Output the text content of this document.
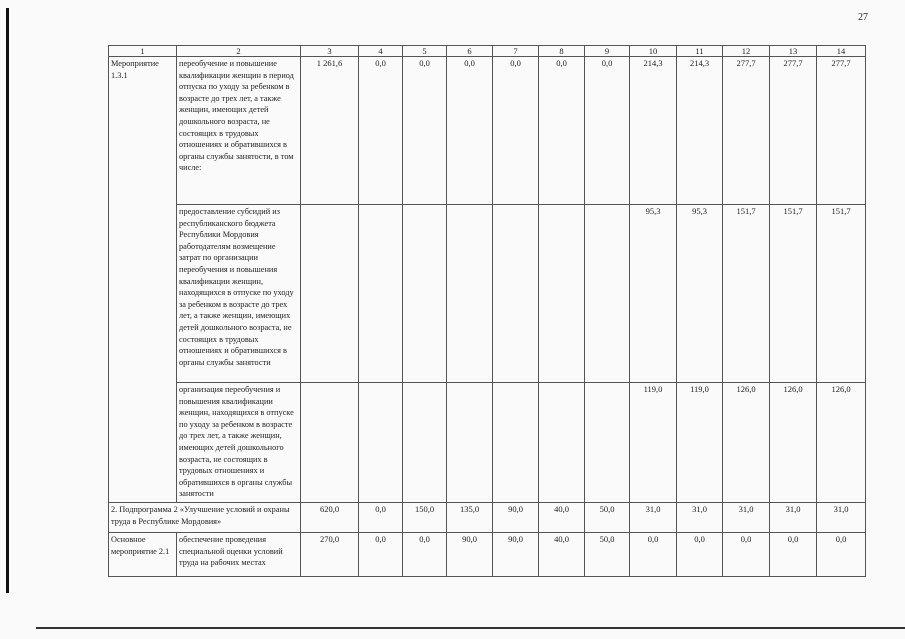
27
1	2	3	4	5	6	7	8	9	10	11	12	13	14
Мероприятие 1.3.1	переобучение и повышение квалификации женщин в период отпуска по уходу за ребенком в возрасте до трех лет, а также женщин, имеющих детей дошкольного возраста, не состоящих в трудовых отношениях и обратившихся в органы службы занятости, в том числе:	1 261,6	0,0	0,0	0,0	0,0	0,0	0,0	214,3	214,3	277,7	277,7	277,7
	предоставление субсидий из республиканского бюджета Республики Мордовия работодателям возмещение затрат по организации переобучения и повышения квалификации женщин, находящихся в отпуске по уходу за ребенком в возрасте до трех лет, а также женщин, имеющих детей дошкольного возраста, не состоящих в трудовых отношениях и обратившихся в органы службы занятости								95,3	95,3	151,7	151,7	151,7
	организация переобучения и повышения квалификации женщин, находящихся в отпуске по уходу за ребенком в возрасте до трех лет, а также женщин, имеющих детей дошкольного возраста, не состоящих в трудовых отношениях и обратившихся в органы службы занятости								119,0	119,0	126,0	126,0	126,0
2. Подпрограмма 2 «Улучшение условий и охраны труда в Республике Мордовия»		620,0	0,0	150,0	135,0	90,0	40,0	50,0	31,0	31,0	31,0	31,0	31,0
Основное мероприятие 2.1	обеспечение проведения специальной оценки условий труда на рабочих местах	270,0	0,0	0,0	90,0	90,0	40,0	50,0	0,0	0,0	0,0	0,0	0,0
